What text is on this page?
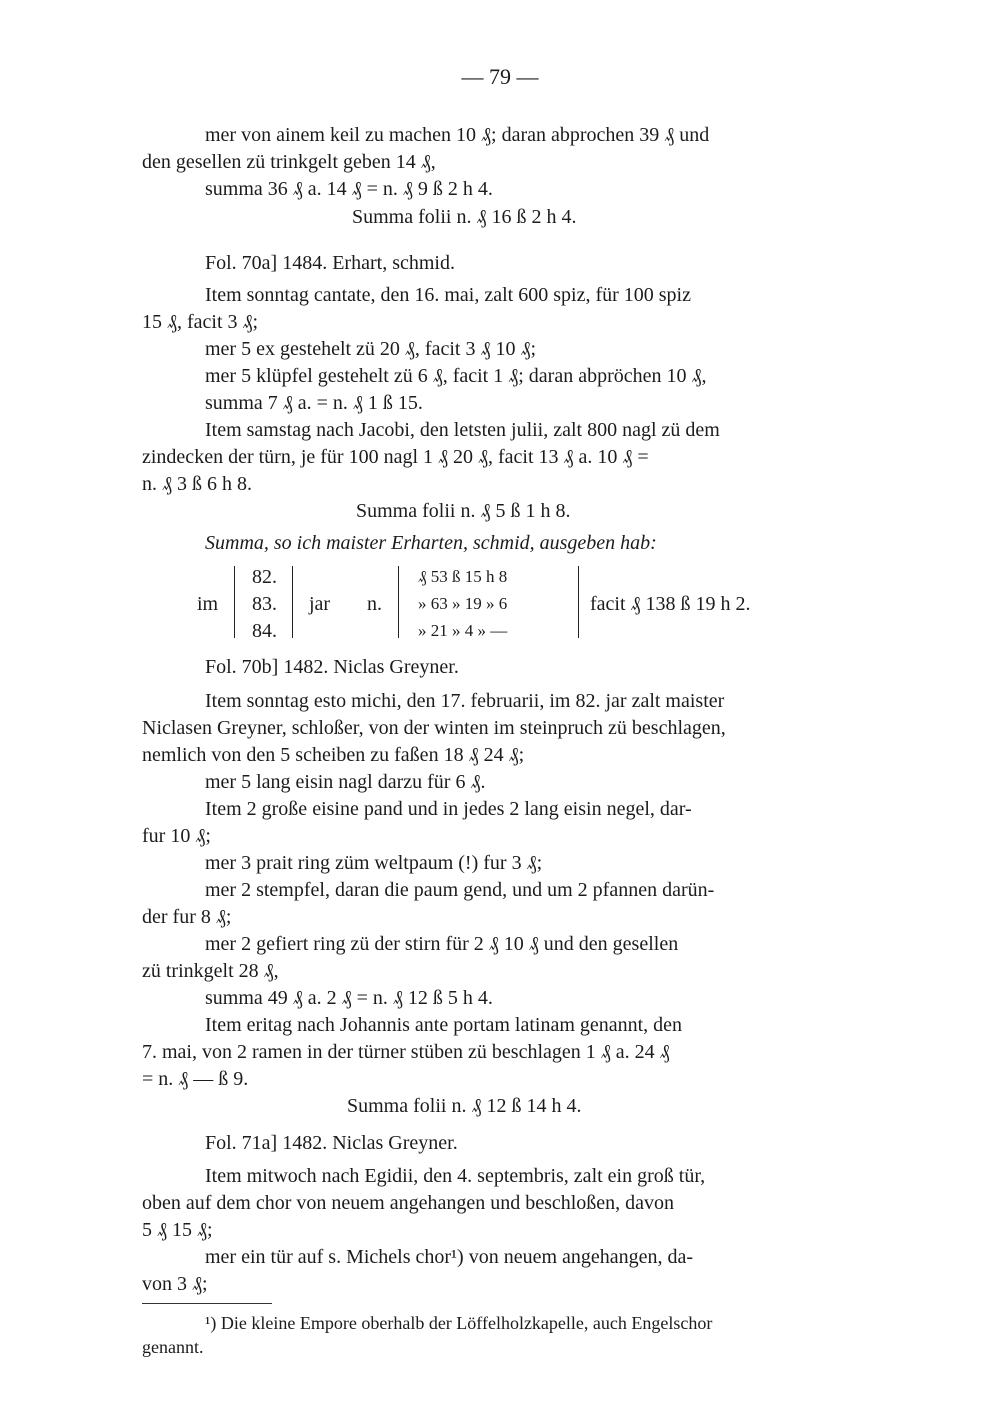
— 79 —
mer von ainem keil zu machen 10 ₰; daran abprochen 39 ₰ und
den gesellen zü trinkgelt geben 14 ₰,
summa 36 ₰ a. 14 ₰ = n. ₰ 9 ß 2 h 4.
Summa folii n. ₰ 16 ß 2 h 4.
Fol. 70a] 1484. Erhart, schmid.
Item sonntag cantate, den 16. mai, zalt 600 spiz, für 100 spiz
15 ₰, facit 3 ₰;
mer 5 ex gestehelt zü 20 ₰, facit 3 ₰ 10 ₰;
mer 5 klüpfel gestehelt zü 6 ₰, facit 1 ₰; daran abpröchen 10 ₰,
summa 7 ₰ a. = n. ₰ 1 ß 15.
Item samstag nach Jacobi, den letsten julii, zalt 800 nagl zü dem
zindecken der türn, je für 100 nagl 1 ₰ 20 ₰, facit 13 ₰ a. 10 ₰ =
n. ₰ 3 ß 6 h 8.
Summa folii n. ₰ 5 ß 1 h 8.
Summa, so ich maister Erharten, schmid, ausgeben hab:
im
82.
83.
84.
jar n.
₰ 53 ß 15 h 8
» 63 » 19 » 6
» 21 » 4 » —
facit ₰ 138 ß 19 h 2.
Fol. 70b] 1482. Niclas Greyner.
Item sonntag esto michi, den 17. februarii, im 82. jar zalt maister
Niclasen Greyner, schloßer, von der winten im steinpruch zü beschlagen,
nemlich von den 5 scheiben zu faßen 18 ₰ 24 ₰;
mer 5 lang eisin nagl darzu für 6 ₰.
Item 2 große eisine pand und in jedes 2 lang eisin negel, dar-
fur 10 ₰;
mer 3 prait ring züm weltpaum (!) fur 3 ₰;
mer 2 stempfel, daran die paum gend, und um 2 pfannen darün-
der fur 8 ₰;
mer 2 gefiert ring zü der stirn für 2 ₰ 10 ₰ und den gesellen
zü trinkgelt 28 ₰,
summa 49 ₰ a. 2 ₰ = n. ₰ 12 ß 5 h 4.
Item eritag nach Johannis ante portam latinam genannt, den
7. mai, von 2 ramen in der türner stüben zü beschlagen 1 ₰ a. 24 ₰
= n. ₰ — ß 9.
Summa folii n. ₰ 12 ß 14 h 4.
Fol. 71a] 1482. Niclas Greyner.
Item mitwoch nach Egidii, den 4. septembris, zalt ein groß tür,
oben auf dem chor von neuem angehangen und beschloßen, davon
5 ₰ 15 ₰;
mer ein tür auf s. Michels chor¹) von neuem angehangen, da-
von 3 ₰;
¹) Die kleine Empore oberhalb der Löffelholzkapelle, auch Engelschor
genannt.
